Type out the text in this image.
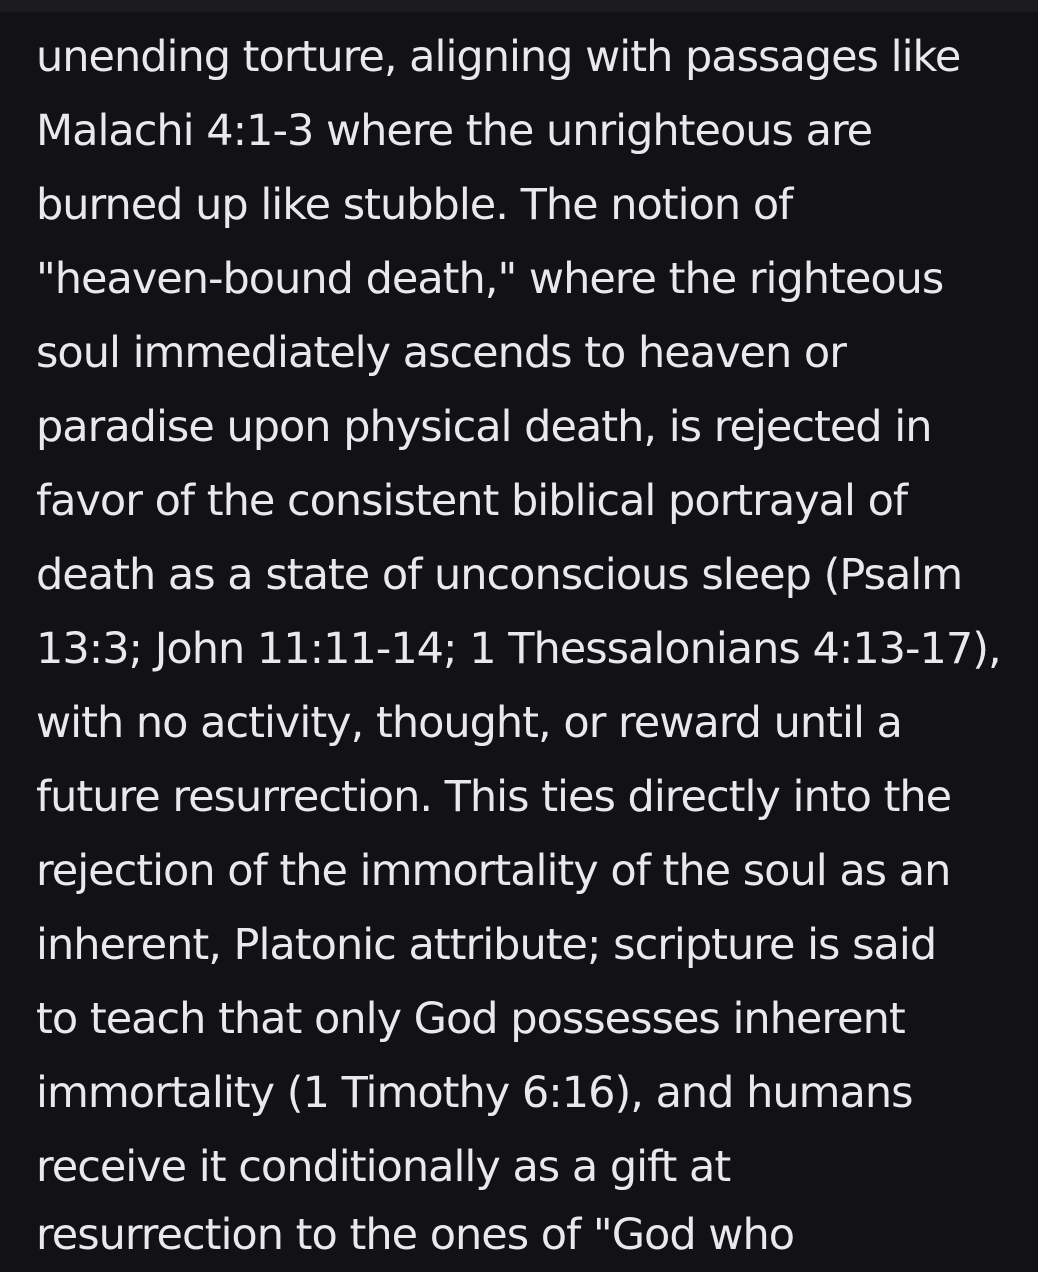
unending torture, aligning with passages like
Malachi 4:1-3 where the unrighteous are
burned up like stubble. The notion of
"heaven-bound death," where the righteous
soul immediately ascends to heaven or
paradise upon physical death, is rejected in
favor of the consistent biblical portrayal of
death as a state of unconscious sleep (Psalm
13:3; John 11:11-14; 1 Thessalonians 4:13-17),
with no activity, thought, or reward until a
future resurrection. This ties directly into the
rejection of the immortality of the soul as an
inherent, Platonic attribute; scripture is said
to teach that only God possesses inherent
immortality (1 Timothy 6:16), and humans
receive it conditionally as a gift at
resurrection to the ones of "God who
